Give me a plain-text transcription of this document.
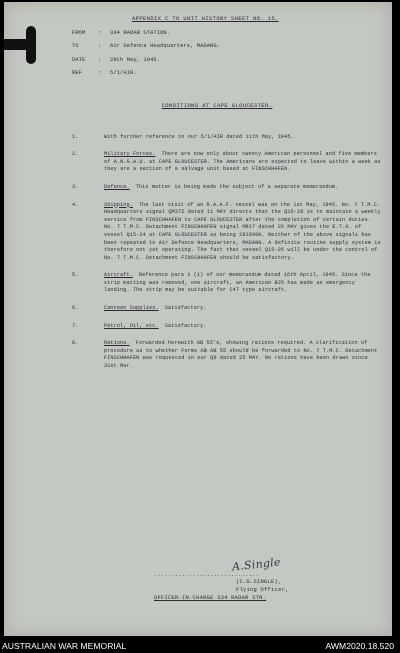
APPENDIX C TO UNIT HISTORY SHEET NO. 15.
FROM	:	334 RADAR STATION.
TO	:	Air Defence Headquarters, MADANG.
DATE	:	29th May, 1945.
REF	:	5/1/AIR.
CONDITIONS AT CAPE GLOUCESTER.
1.	With further reference to our 5/1/AIR dated 11th May, 1945.
2.	Military Forces. There are now only about twenty American personnel and five members of A.N.G.A.U. at CAPE GLOUCESTER. The Americans are expected to leave within a week as they are a section of a salvage unit based at FINSCHHAFEN.
3.	Defence. This matter is being made the subject of a separate memorandum.
4.	Shipping. The last visit of an R.A.A.F. vessel was on the 1st May, 1945. No. 7 T.M.C. Headquarters signal QM37Z dated 11 MAY directs that the Q15-26 is to maintain a weekly service from FINSCHHAFEN to CAPE GLOUCESTER after the completion of certain duties. No. 7 T.M.C. Detachment FINSCHHAFEN signal MR17 dated 26 MAY gives the E.T.A. of vessel Q15-24 at CAPE GLOUCESTER as being 291600K. Neither of the above signals has been repeated to Air Defence Headquarters, MADANG. A definite routine supply system is therefore not yet operating. The fact that vessel Q15-26 will be under the control of No. 7 T.M.C. Detachment FINSCHHAFEN should be satisfactory.
5.	Aircraft. Reference para 1 (i) of our memorandum dated 16th April, 1945. Since the strip matting was removed, one aircraft, an American B25 has made an emergency landing. The strip may be suitable for C47 type aircraft.
6.	Canteen Supplies. Satisfactory.
7.	Petrol, Oil, etc. Satisfactory.
8.	Rations. Forwarded herewith AB 55's, showing rations required. A clarification of procedure as to whether Forms AB AB 55 should be forwarded to No. 7 T.M.C. Detachment FINSCHHAFEN was requested in our Q9 dated 25 MAY. No rations have been drawn since 31st Mar.
A.Single
..............................
(C.G.SINGLE),
Flying Officer,
OFFICER-IN-CHARGE 334 RADAR STN.
AUSTRALIAN WAR MEMORIAL	AWM2020.18.520
